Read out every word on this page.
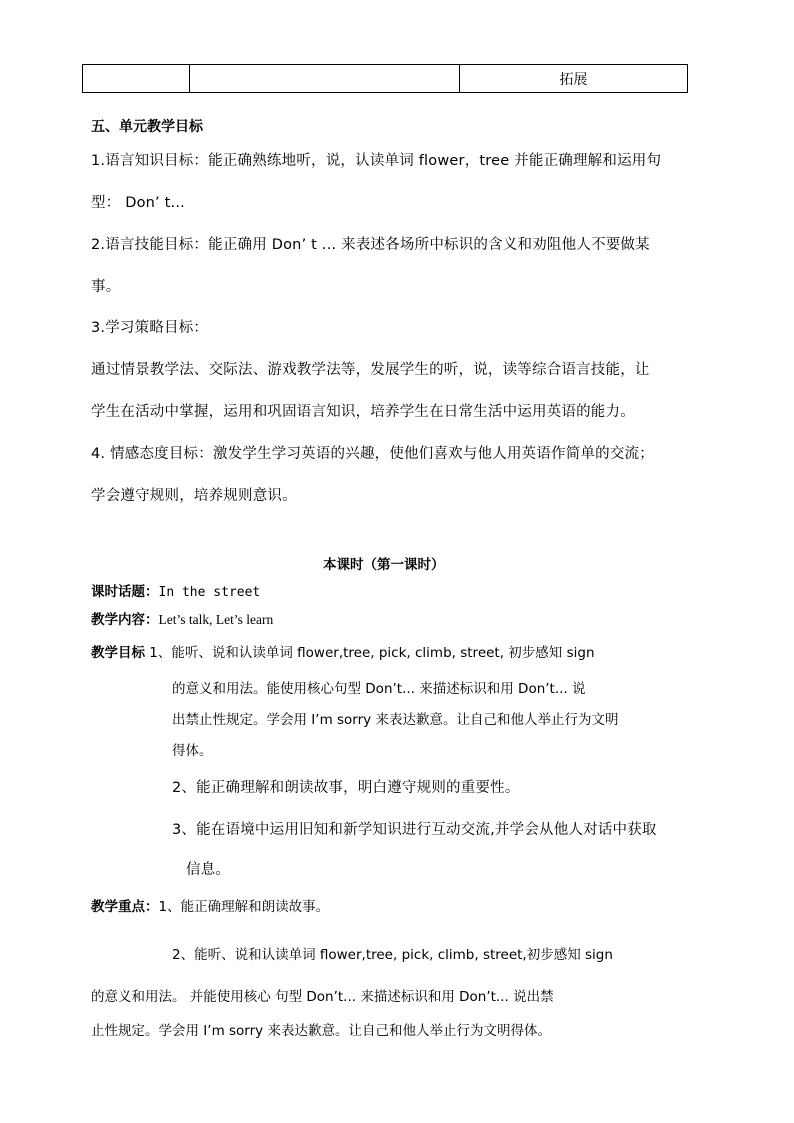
		拓展
五、单元教学目标
1.语言知识目标：能正确熟练地听，说，认读单词 flower，tree 并能正确理解和运用句
型： Don’ t...
2.语言技能目标：能正确用 Don’ t ... 来表述各场所中标识的含义和劝阻他人不要做某
事。
3.学习策略目标：
通过情景教学法、交际法、游戏教学法等，发展学生的听，说，读等综合语言技能，让
学生在活动中掌握，运用和巩固语言知识，培养学生在日常生活中运用英语的能力。
4. 情感态度目标：激发学生学习英语的兴趣，使他们喜欢与他人用英语作简单的交流；
学会遵守规则，培养规则意识。
本课时（第一课时）
课时话题：In the street
教学内容：Let’s talk, Let’s learn
教学目标 1、能听、说和认读单词 flower,tree, pick, climb, street, 初步感知 sign
的意义和用法。能使用核心句型 Don’t... 来描述标识和用 Don’t... 说
出禁止性规定。学会用 I’m sorry 来表达歉意。让自己和他人举止行为文明
得体。
2、能正确理解和朗读故事，明白遵守规则的重要性。
3、能在语境中运用旧知和新学知识进行互动交流,并学会从他人对话中获取
信息。
教学重点：1、能正确理解和朗读故事。
2、能听、说和认读单词 flower,tree, pick, climb, street,初步感知 sign
的意义和用法。 并能使用核心 句型 Don’t... 来描述标识和用 Don’t... 说出禁
止性规定。学会用 I’m sorry 来表达歉意。让自己和他人举止行为文明得体。
